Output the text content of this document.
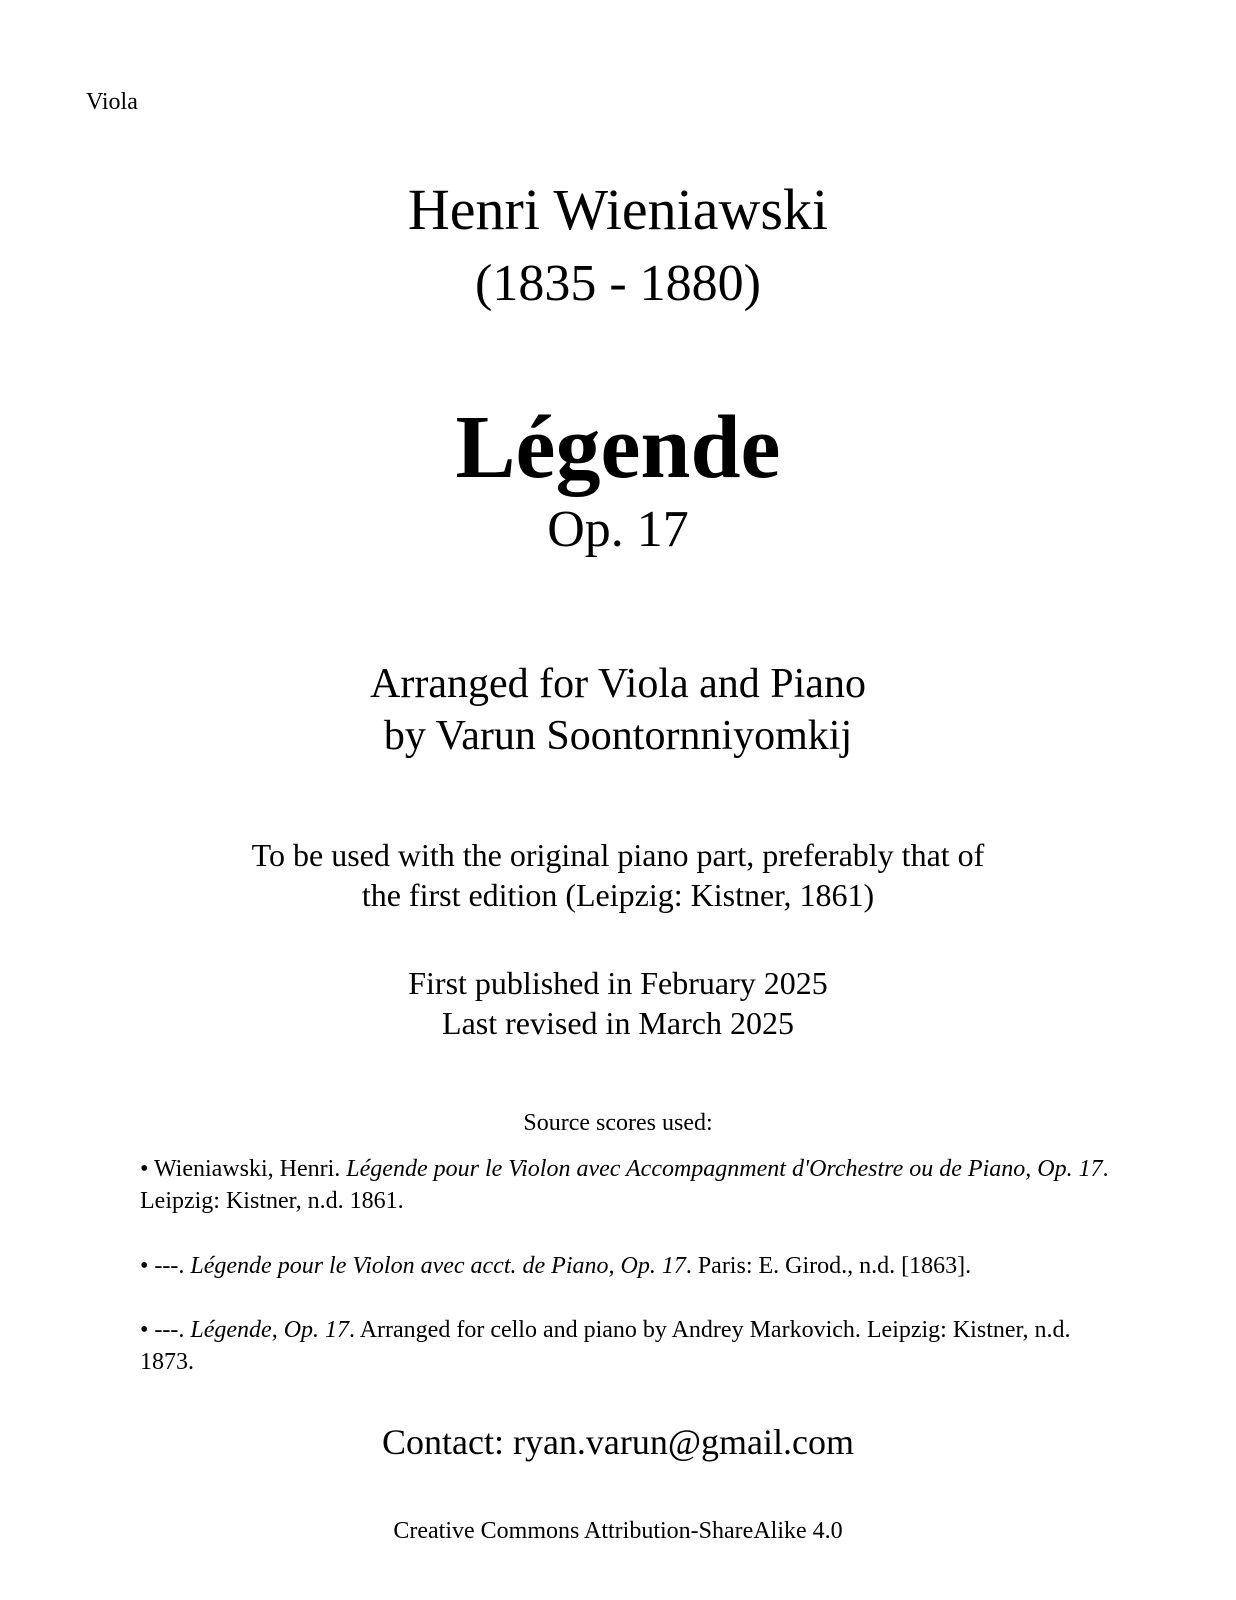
Viola
Henri Wieniawski
(1835 - 1880)
Légende
Op. 17
Arranged for Viola and Piano
by Varun Soontornniyomkij
To be used with the original piano part, preferably that of
the first edition (Leipzig: Kistner, 1861)
First published in February 2025
Last revised in March 2025
Source scores used:
• Wieniawski, Henri. Légende pour le Violon avec Accompagnment d'Orchestre ou de Piano, Op. 17. Leipzig: Kistner, n.d. 1861.
• ---. Légende pour le Violon avec acct. de Piano, Op. 17. Paris: E. Girod., n.d. [1863].
• ---. Légende, Op. 17. Arranged for cello and piano by Andrey Markovich. Leipzig: Kistner, n.d. 1873.
Contact: ryan.varun@gmail.com
Creative Commons Attribution-ShareAlike 4.0
